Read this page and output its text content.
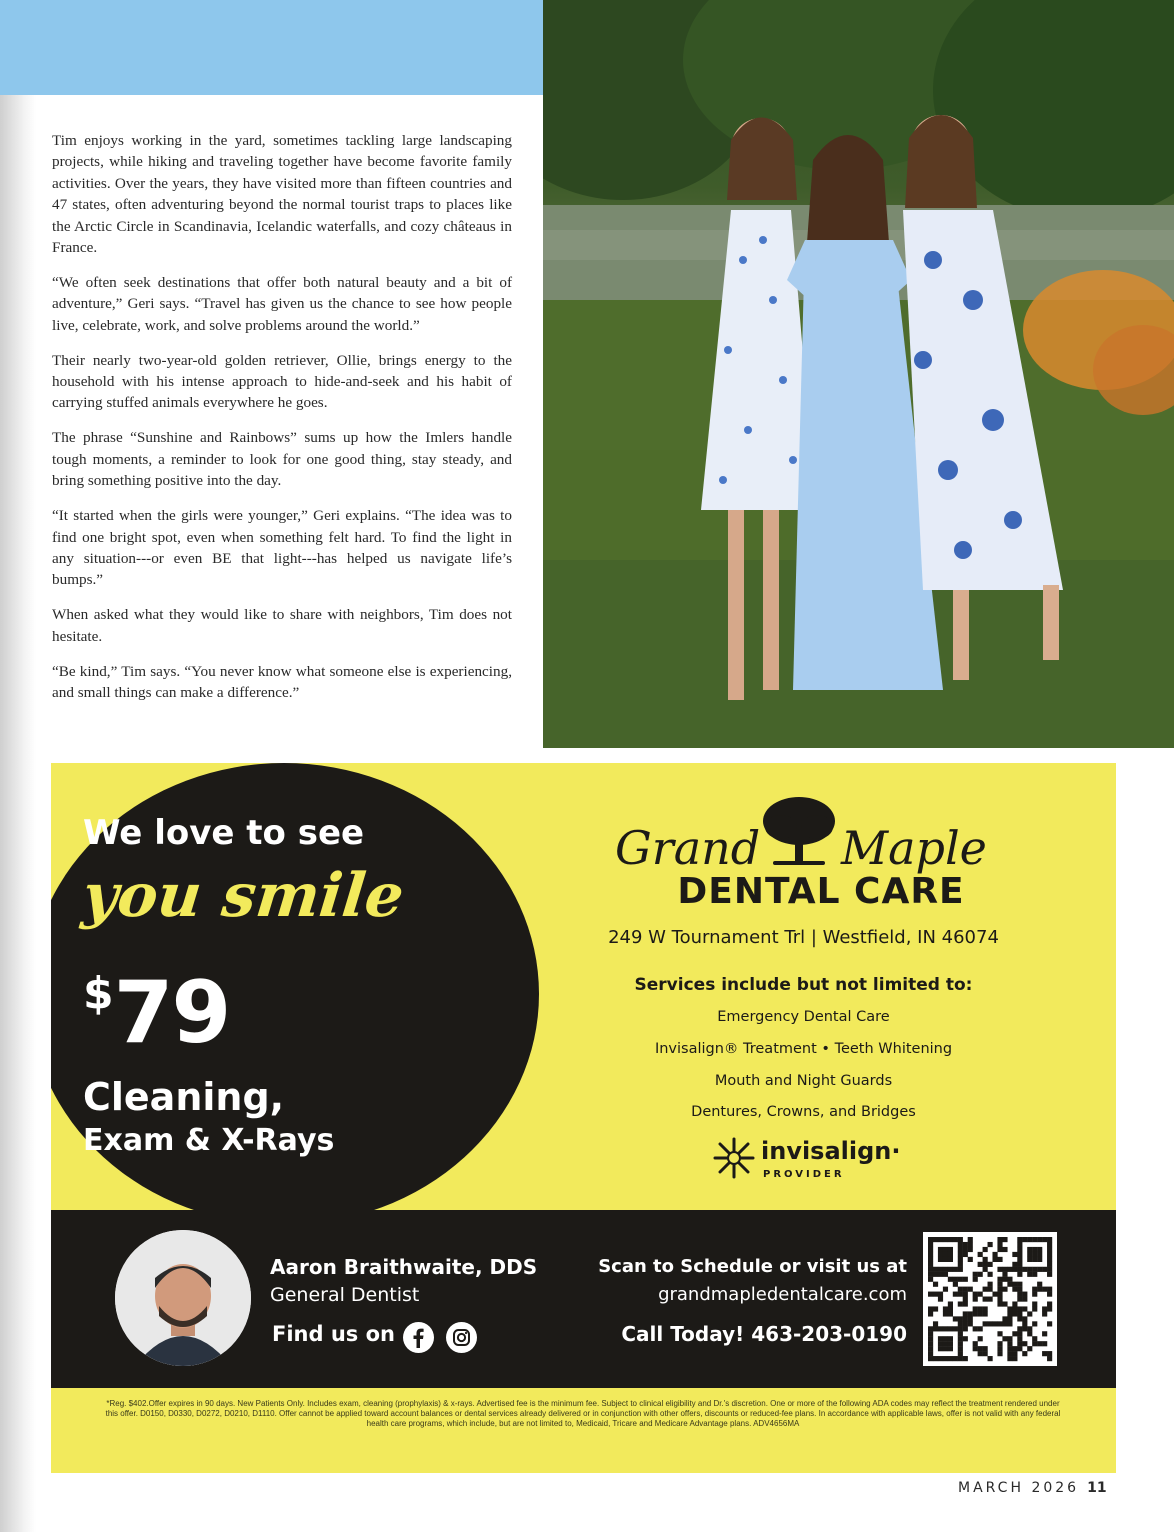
Tim enjoys working in the yard, sometimes tackling large landscaping projects, while hiking and traveling together have become favorite family activities. Over the years, they have visited more than fifteen countries and 47 states, often adventuring beyond the normal tourist traps to places like the Arctic Circle in Scandinavia, Icelandic waterfalls, and cozy châteaus in France.

“We often seek destinations that offer both natural beauty and a bit of adventure,” Geri says. “Travel has given us the chance to see how people live, celebrate, work, and solve problems around the world.”

Their nearly two-year-old golden retriever, Ollie, brings energy to the household with his intense approach to hide-and-seek and his habit of carrying stuffed animals everywhere he goes.

The phrase “Sunshine and Rainbows” sums up how the Imlers handle tough moments, a reminder to look for one good thing, stay steady, and bring something positive into the day.

“It started when the girls were younger,” Geri explains. “The idea was to find one bright spot, even when something felt hard. To find the light in any situation---or even BE that light---has helped us navigate life’s bumps.”

When asked what they would like to share with neighbors, Tim does not hesitate.

“Be kind,” Tim says. “You never know what someone else is experiencing, and small things can make a difference.”

We love to see
you smile
$79
Cleaning,
Exam & X-Rays
Grand Maple
DENTAL CARE
249 W Tournament Trl | Westfield, IN 46074
Services include but not limited to:
Emergency Dental Care
Invisalign® Treatment • Teeth Whitening
Mouth and Night Guards
Dentures, Crowns, and Bridges
invisalign·
PROVIDER
Aaron Braithwaite, DDS
General Dentist
Find us on
Scan to Schedule or visit us at
grandmapledentalcare.com
Call Today! 463-203-0190
*Reg. $402.Offer expires in 90 days. New Patients Only. Includes exam, cleaning (prophylaxis) & x-rays. Advertised fee is the minimum fee. Subject to clinical eligibility and Dr.'s discretion. One or more of the following ADA codes may reflect the treatment rendered under this offer. D0150, D0330, D0272, D0210, D1110. Offer cannot be applied toward account balances or dental services already delivered or in conjunction with other offers, discounts or reduced-fee plans. In accordance with applicable laws, offer is not valid with any federal health care programs, which include, but are not limited to, Medicaid, Tricare and Medicare Advantage plans. ADV4656MA
MARCH 2026 11
